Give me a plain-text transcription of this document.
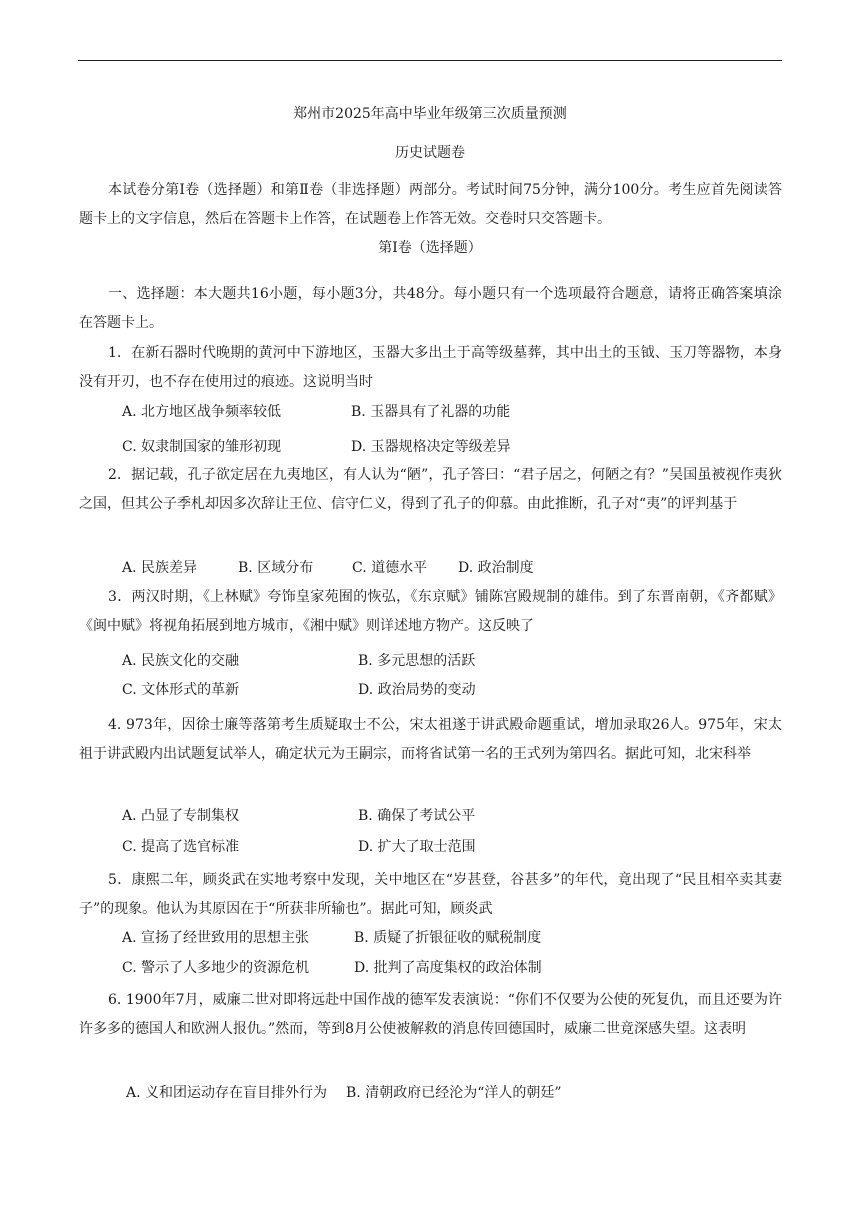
郑州市2025年高中毕业年级第三次质量预测
历史试题卷
本试卷分第Ⅰ卷（选择题）和第Ⅱ卷（非选择题）两部分。考试时间75分钟，满分100分。考生应首先阅读答题卡上的文字信息，然后在答题卡上作答，在试题卷上作答无效。交卷时只交答题卡。
第Ⅰ卷（选择题）
一、选择题：本大题共16小题，每小题3分，共48分。每小题只有一个选项最符合题意，请将正确答案填涂在答题卡上。
1．在新石器时代晚期的黄河中下游地区，玉器大多出土于高等级墓葬，其中出土的玉钺、玉刀等器物，本身没有开刃，也不存在使用过的痕迹。这说明当时
A. 北方地区战争频率较低	B. 玉器具有了礼器的功能
C. 奴隶制国家的雏形初现	D. 玉器规格决定等级差异
2．据记载，孔子欲定居在九夷地区，有人认为“陋”，孔子答曰：“君子居之，何陋之有？”吴国虽被视作夷狄之国，但其公子季札却因多次辞让王位、信守仁义，得到了孔子的仰慕。由此推断，孔子对“夷”的评判基于
A. 民族差异	B. 区域分布	C. 道德水平 D. 政治制度
3．两汉时期，《上林赋》夸饰皇家苑囿的恢弘，《东京赋》铺陈宫殿规制的雄伟。到了东晋南朝，《齐都赋》《闽中赋》将视角拓展到地方城市，《湘中赋》则详述地方物产。这反映了
A. 民族文化的交融	B. 多元思想的活跃
C. 文体形式的革新	D. 政治局势的变动
4. 973年，因徐士廉等落第考生质疑取士不公，宋太祖遂于讲武殿命题重试，增加录取26人。975年，宋太祖于讲武殿内出试题复试举人，确定状元为王嗣宗，而将省试第一名的王式列为第四名。据此可知，北宋科举
A. 凸显了专制集权	B. 确保了考试公平
C. 提高了选官标准	D. 扩大了取士范围
5．康熙二年，顾炎武在实地考察中发现，关中地区在“岁甚登，谷甚多”的年代，竟出现了“民且相卒卖其妻子”的现象。他认为其原因在于“所获非所输也”。据此可知，顾炎武
A. 宣扬了经世致用的思想主张	B. 质疑了折银征收的赋税制度
C. 警示了人多地少的资源危机	D. 批判了高度集权的政治体制
6. 1900年7月，威廉二世对即将远赴中国作战的德军发表演说：“你们不仅要为公使的死复仇，而且还要为许许多多的德国人和欧洲人报仇。”然而，等到8月公使被解救的消息传回德国时，威廉二世竟深感失望。这表明
A. 义和团运动存在盲目排外行为 B. 清朝政府已经沦为“洋人的朝廷”
